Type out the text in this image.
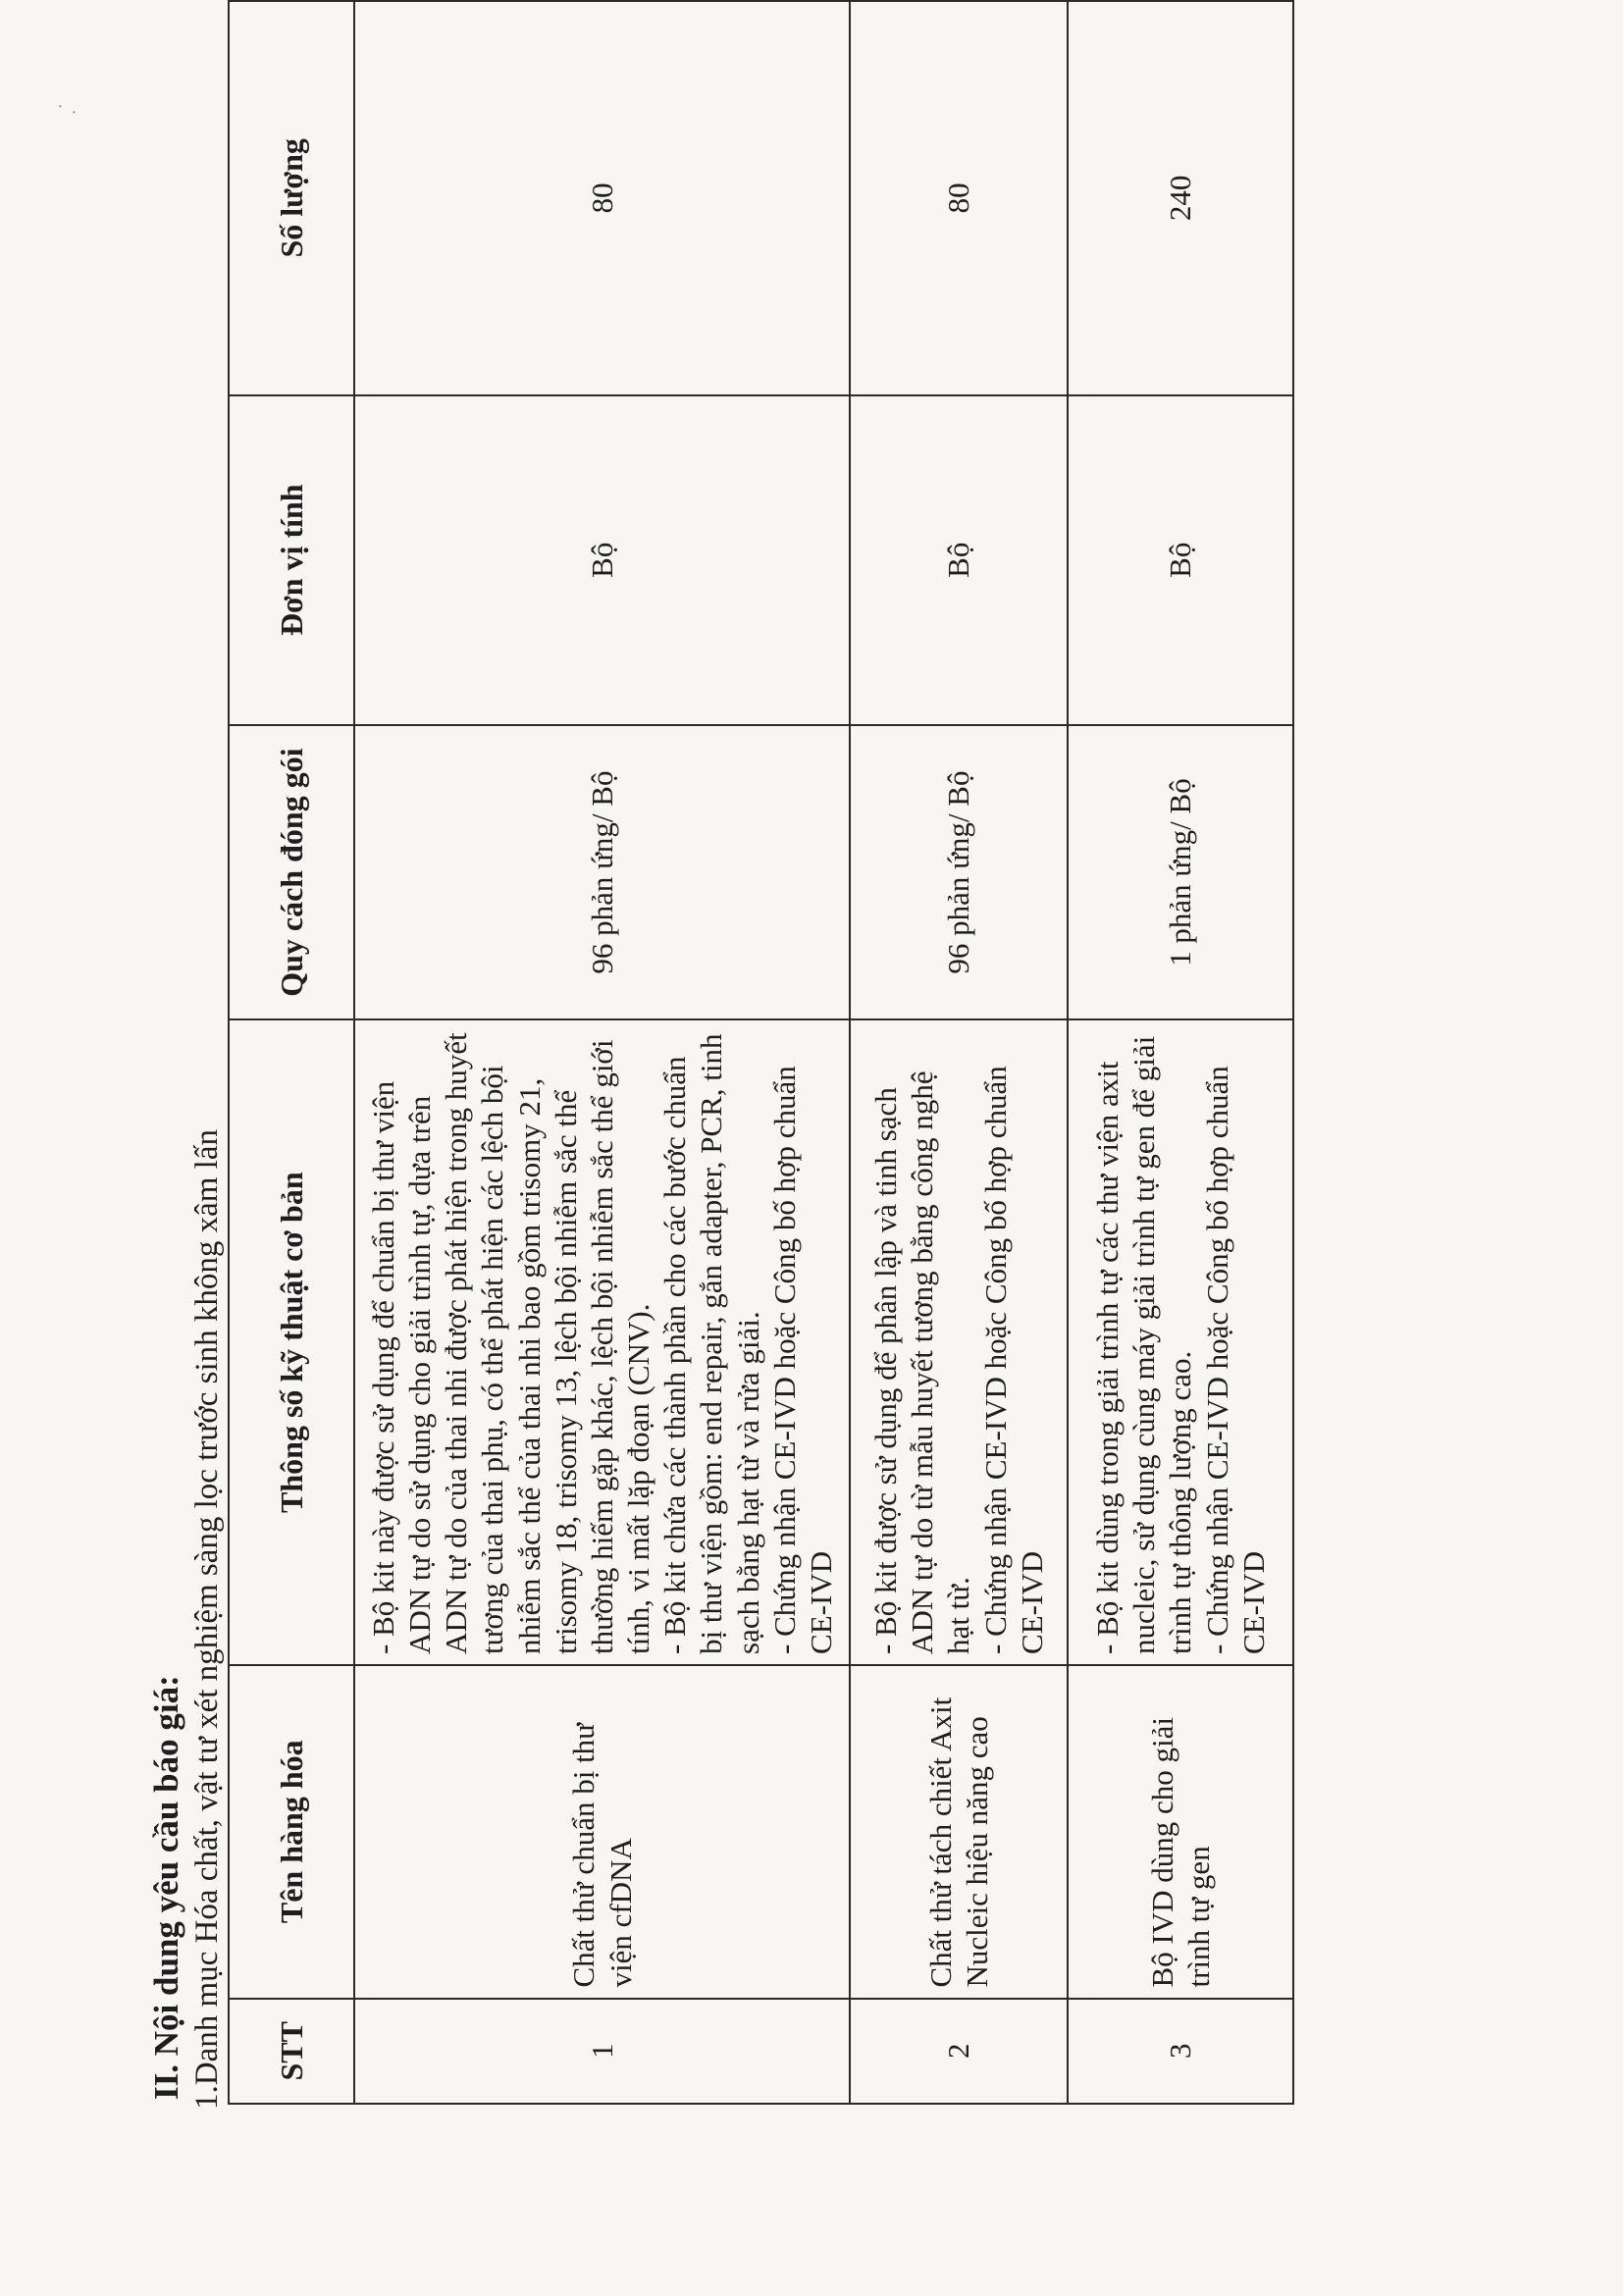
II. Nội dung yêu cầu báo giá: 1.Danh mục Hóa chất, vật tư xét nghiệm sàng lọc trước sinh không xâm lấn STT	Tên hàng hóa	Thông số kỹ thuật cơ bản	Quy cách đóng gói	Đơn vị tính	Số lượng
1	Chất thử chuẩn bị thư viện cfDNA	- Bộ kit này được sử dụng để chuẩn bị thư viện ADN tự do sử dụng cho giải trình tự, dựa trên ADN tự do của thai nhi được phát hiện trong huyết tương của thai phụ, có thể phát hiện các lệch bội nhiễm sắc thể của thai nhi bao gồm trisomy 21, trisomy 18, trisomy 13, lệch bội nhiễm sắc thể thường hiếm gặp khác, lệch bội nhiễm sắc thể giới tính, vi mất lặp đoạn (CNV). - Bộ kit chứa các thành phần cho các bước chuẩn bị thư viện gồm: end repair, gắn adapter, PCR, tinh sạch bằng hạt từ và rửa giải. - Chứng nhận CE-IVD hoặc Công bố hợp chuẩn CE-IVD	96 phản ứng/ Bộ	Bộ	80
2	Chất thử tách chiết Axit Nucleic hiệu năng cao	- Bộ kit được sử dụng để phân lập và tinh sạch ADN tự do từ mẫu huyết tương bằng công nghệ hạt từ. - Chứng nhận CE-IVD hoặc Công bố hợp chuẩn CE-IVD	96 phản ứng/ Bộ	Bộ	80
3	Bộ IVD dùng cho giải trình tự gen	- Bộ kit dùng trong giải trình tự các thư viện axit nucleic, sử dụng cùng máy giải trình tự gen để giải trình tự thông lượng cao. - Chứng nhận CE-IVD hoặc Công bố hợp chuẩn CE-IVD	1 phản ứng/ Bộ	Bộ	240
· ·
